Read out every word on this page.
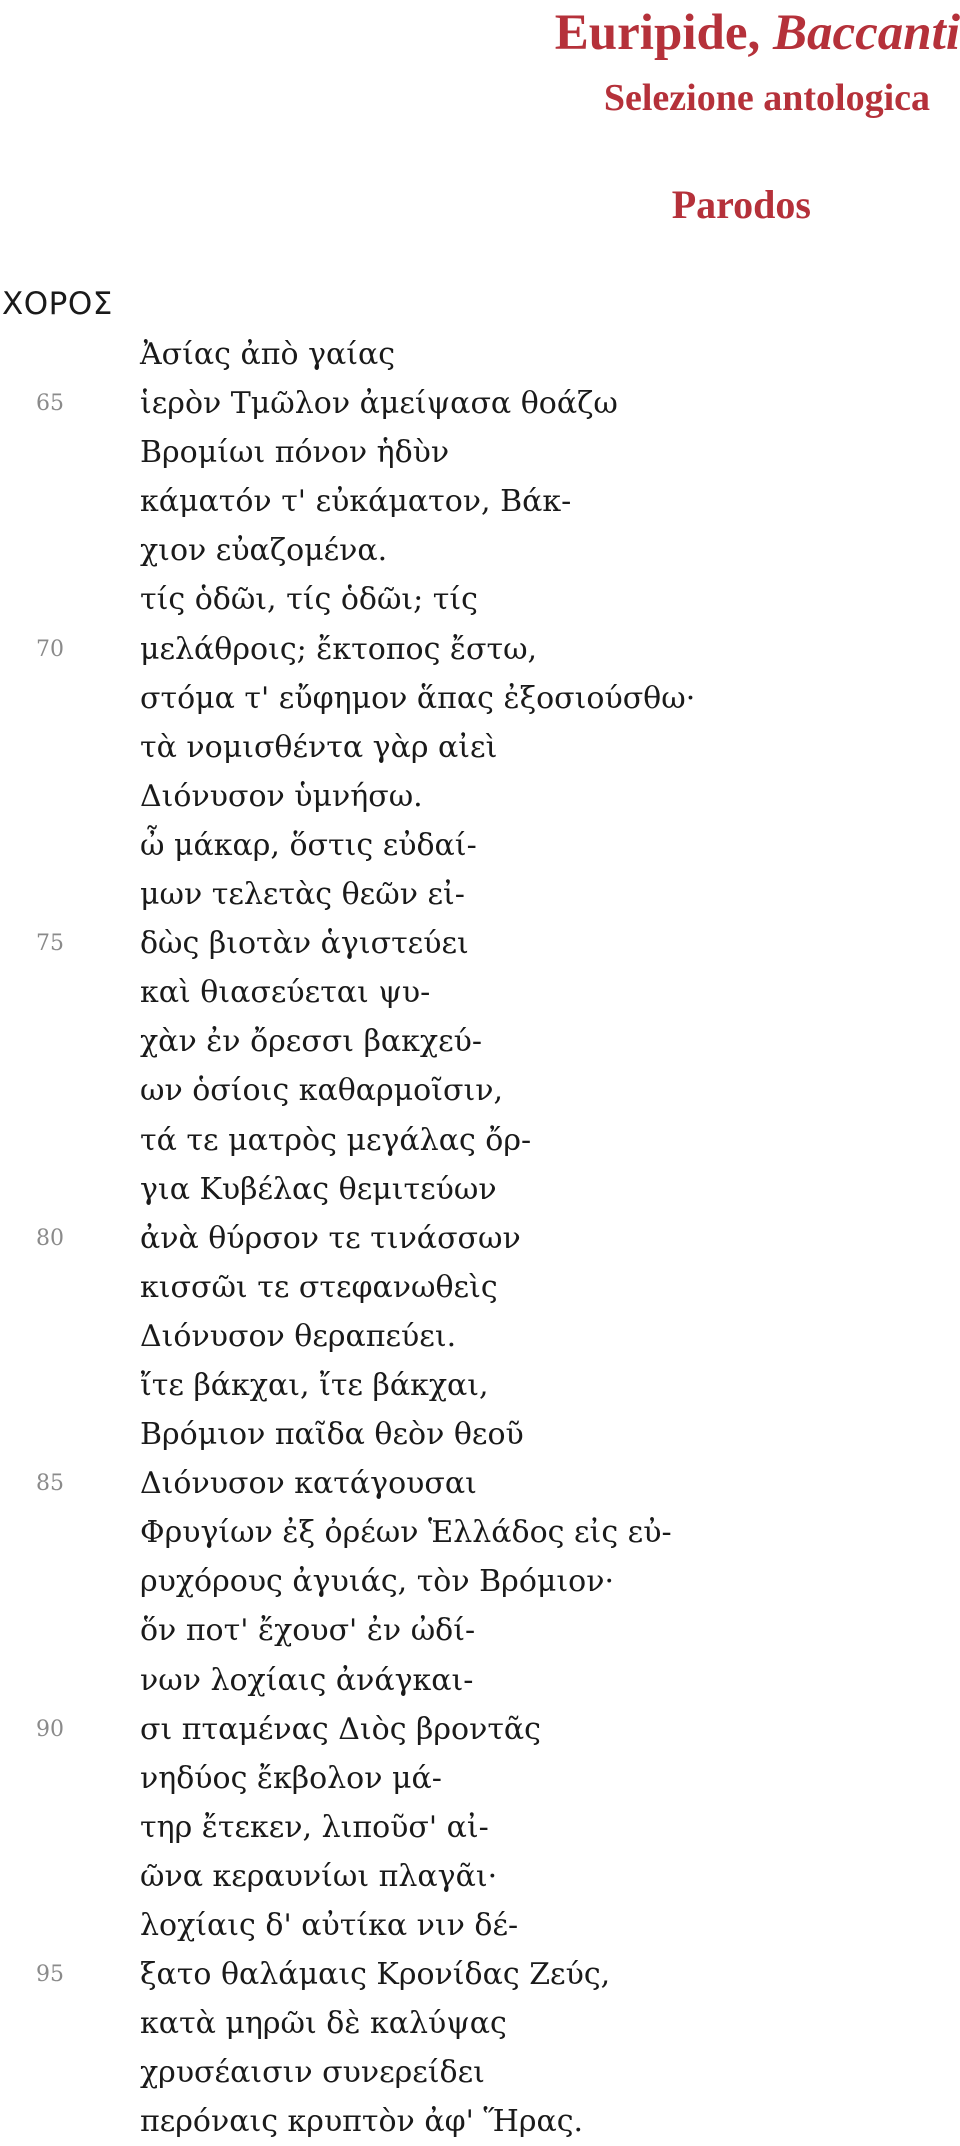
Euripide, Baccanti
Selezione antologica
Parodos
ΧΟΡΟΣ
Ἀσίας ἀπὸ γαίας
65	ἱερὸν Τμῶλον ἀμείψασα θοάζω
Βρομίωι πόνον ἡδὺν
κάματόν τ' εὐκάματον, Βάκ-
χιον εὐαζομένα.
τίς ὁδῶι, τίς ὁδῶι; τίς
70	μελάθροις; ἔκτοπος ἔστω,
στόμα τ' εὔφημον ἅπας ἐξοσιούσθω·
τὰ νομισθέντα γὰρ αἰεὶ
Διόνυσον ὑμνήσω.
ὦ μάκαρ, ὅστις εὐδαί-
μων τελετὰς θεῶν εἰ-
75	δὼς βιοτὰν ἁγιστεύει
καὶ θιασεύεται ψυ-
χὰν ἐν ὄρεσσι βακχεύ-
ων ὁσίοις καθαρμοῖσιν,
τά τε ματρὸς μεγάλας ὄρ-
για Κυβέλας θεμιτεύων
80	ἀνὰ θύρσον τε τινάσσων
κισσῶι τε στεφανωθεὶς
Διόνυσον θεραπεύει.
ἴτε βάκχαι, ἴτε βάκχαι,
Βρόμιον παῖδα θεὸν θεοῦ
85	Διόνυσον κατάγουσαι
Φρυγίων ἐξ ὀρέων Ἑλλάδος εἰς εὐ-
ρυχόρους ἀγυιάς, τὸν Βρόμιον·
ὅν ποτ' ἔχουσ' ἐν ὠδί-
νων λοχίαις ἀνάγκαι-
90	σι πταμένας Διὸς βροντᾶς
νηδύος ἔκβολον μά-
τηρ ἔτεκεν, λιποῦσ' αἰ-
ῶνα κεραυνίωι πλαγᾶι·
λοχίαις δ' αὐτίκα νιν δέ-
95	ξατο θαλάμαις Κρονίδας Ζεύς,
κατὰ μηρῶι δὲ καλύψας
χρυσέαισιν συνερείδει
περόναις κρυπτὸν ἀφ' Ἥρας.
